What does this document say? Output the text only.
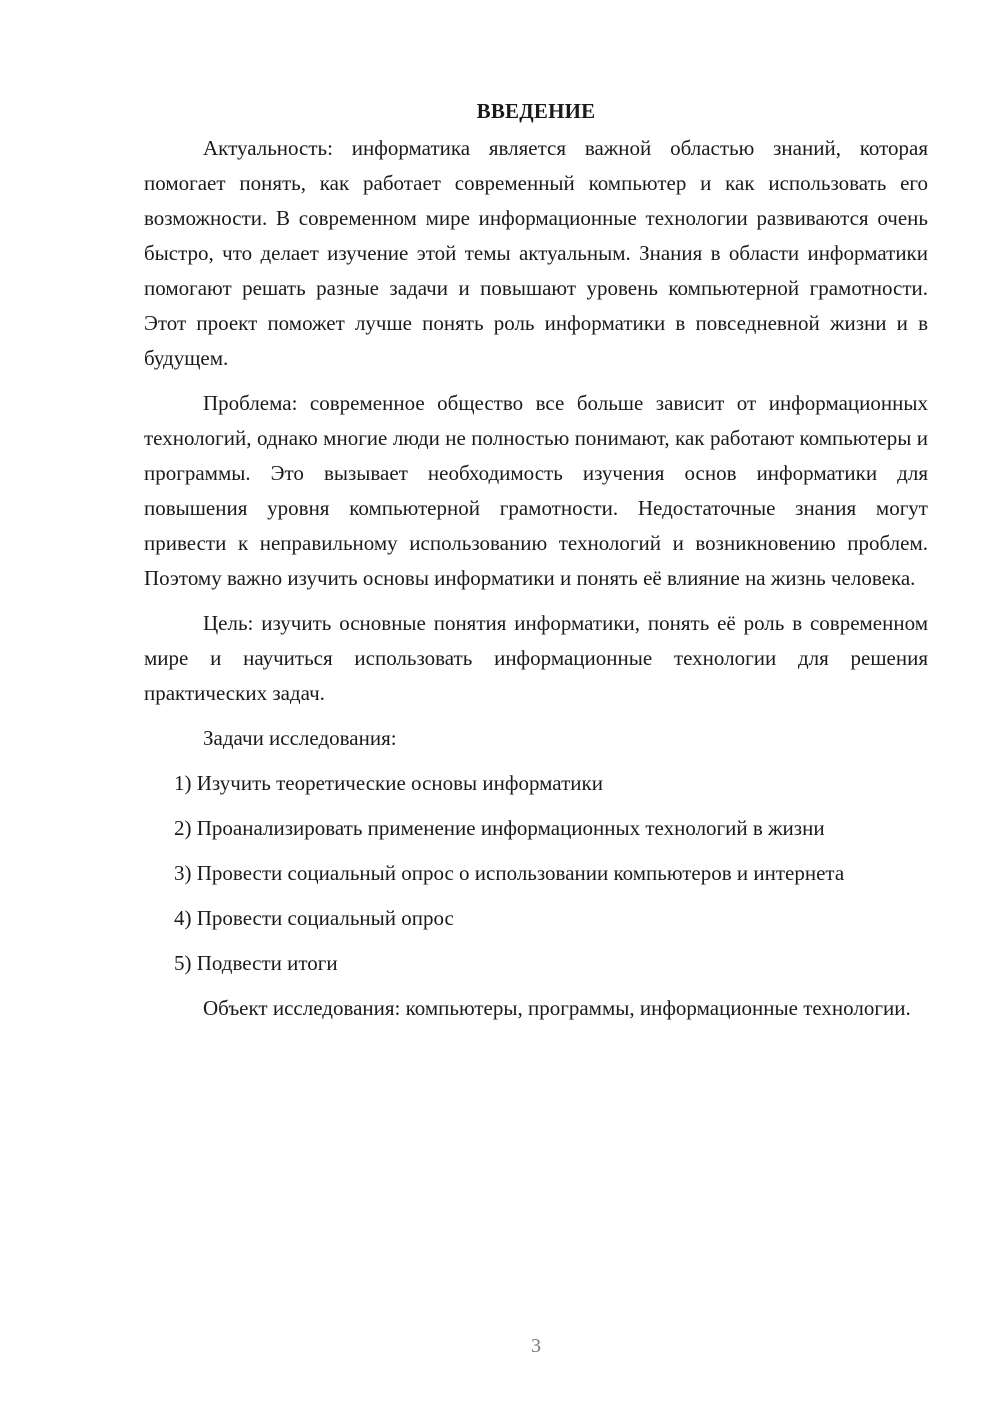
ВВЕДЕНИЕ

Актуальность: информатика является важной областью знаний, которая помогает понять, как работает современный компьютер и как использовать его возможности. В современном мире информационные технологии развиваются очень быстро, что делает изучение этой темы актуальным. Знания в области информатики помогают решать разные задачи и повышают уровень компьютерной грамотности. Этот проект поможет лучше понять роль информатики в повседневной жизни и в будущем.

Проблема: современное общество все больше зависит от информационных технологий, однако многие люди не полностью понимают, как работают компьютеры и программы. Это вызывает необходимость изучения основ информатики для повышения уровня компьютерной грамотности. Недостаточные знания могут привести к неправильному использованию технологий и возникновению проблем. Поэтому важно изучить основы информатики и понять её влияние на жизнь человека.

Цель: изучить основные понятия информатики, понять её роль в современном мире и научиться использовать информационные технологии для решения практических задач.

Задачи исследования:

1) Изучить теоретические основы информатики

2) Проанализировать применение информационных технологий в жизни

3) Провести социальный опрос о использовании компьютеров и интернета

4) Провести социальный опрос

5) Подвести итоги

Объект исследования: компьютеры, программы, информационные технологии.

3
